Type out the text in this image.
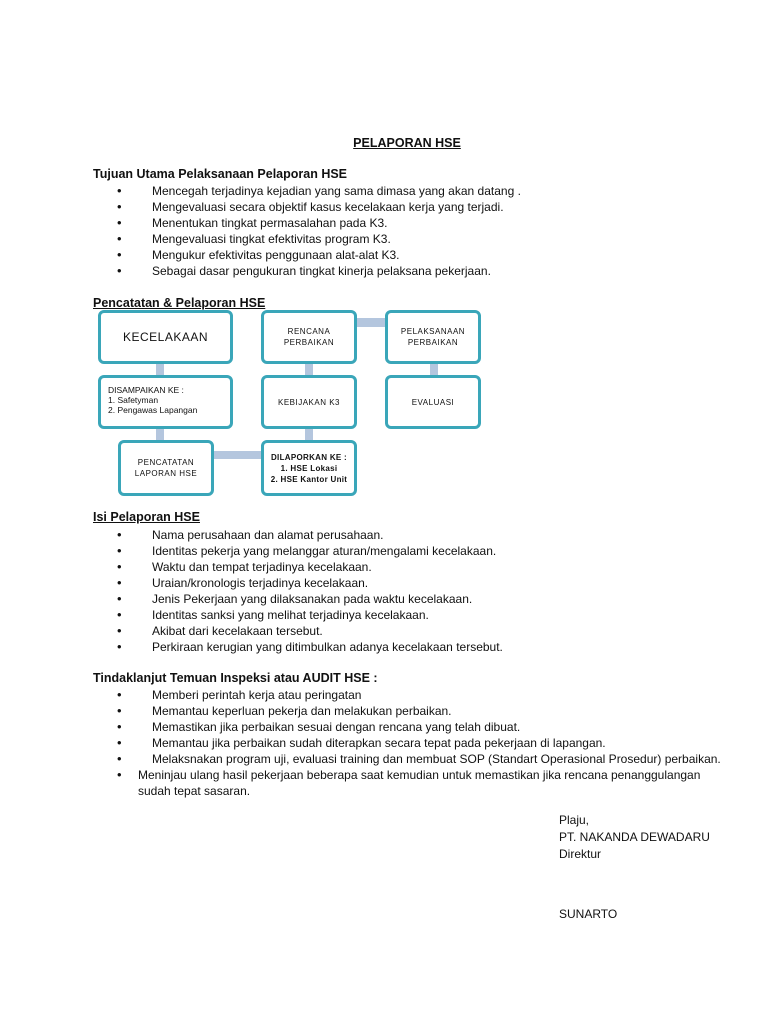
PELAPORAN HSE
Tujuan Utama Pelaksanaan Pelaporan HSE
• Mencegah terjadinya kejadian yang sama dimasa yang akan datang .
• Mengevaluasi secara objektif kasus kecelakaan kerja yang terjadi.
• Menentukan tingkat permasalahan pada K3.
• Mengevaluasi tingkat efektivitas program K3.
• Mengukur efektivitas penggunaan alat-alat K3.
• Sebagai dasar pengukuran tingkat kinerja pelaksana pekerjaan.
Pencatatan & Pelaporan HSE
KECELAKAAN
DISAMPAIKAN KE :
1. Safetyman
2. Pengawas Lapangan
PENCATATAN
LAPORAN HSE
RENCANA
PERBAIKAN
KEBIJAKAN K3
DILAPORKAN KE :
1. HSE Lokasi
2. HSE Kantor Unit
PELAKSANAAN
PERBAIKAN
EVALUASI
Isi Pelaporan HSE
• Nama perusahaan dan alamat perusahaan.
• Identitas pekerja yang melanggar aturan/mengalami kecelakaan.
• Waktu dan tempat terjadinya kecelakaan.
• Uraian/kronologis terjadinya kecelakaan.
• Jenis Pekerjaan yang dilaksanakan pada waktu kecelakaan.
• Identitas sanksi yang melihat terjadinya kecelakaan.
• Akibat dari kecelakaan tersebut.
• Perkiraan kerugian yang ditimbulkan adanya kecelakaan tersebut.
Tindaklanjut Temuan Inspeksi atau AUDIT HSE :
• Memberi perintah kerja atau peringatan
• Memantau keperluan pekerja dan melakukan perbaikan.
• Memastikan jika perbaikan sesuai dengan rencana yang telah dibuat.
• Memantau jika perbaikan sudah diterapkan secara tepat pada pekerjaan di lapangan.
• Melaksnakan program uji, evaluasi training dan membuat SOP (Standart Operasional Prosedur) perbaikan.
• Meninjau ulang hasil pekerjaan beberapa saat kemudian untuk memastikan jika rencana penanggulangan sudah tepat sasaran.
Plaju,
PT. NAKANDA DEWADARU
Direktur
SUNARTO
